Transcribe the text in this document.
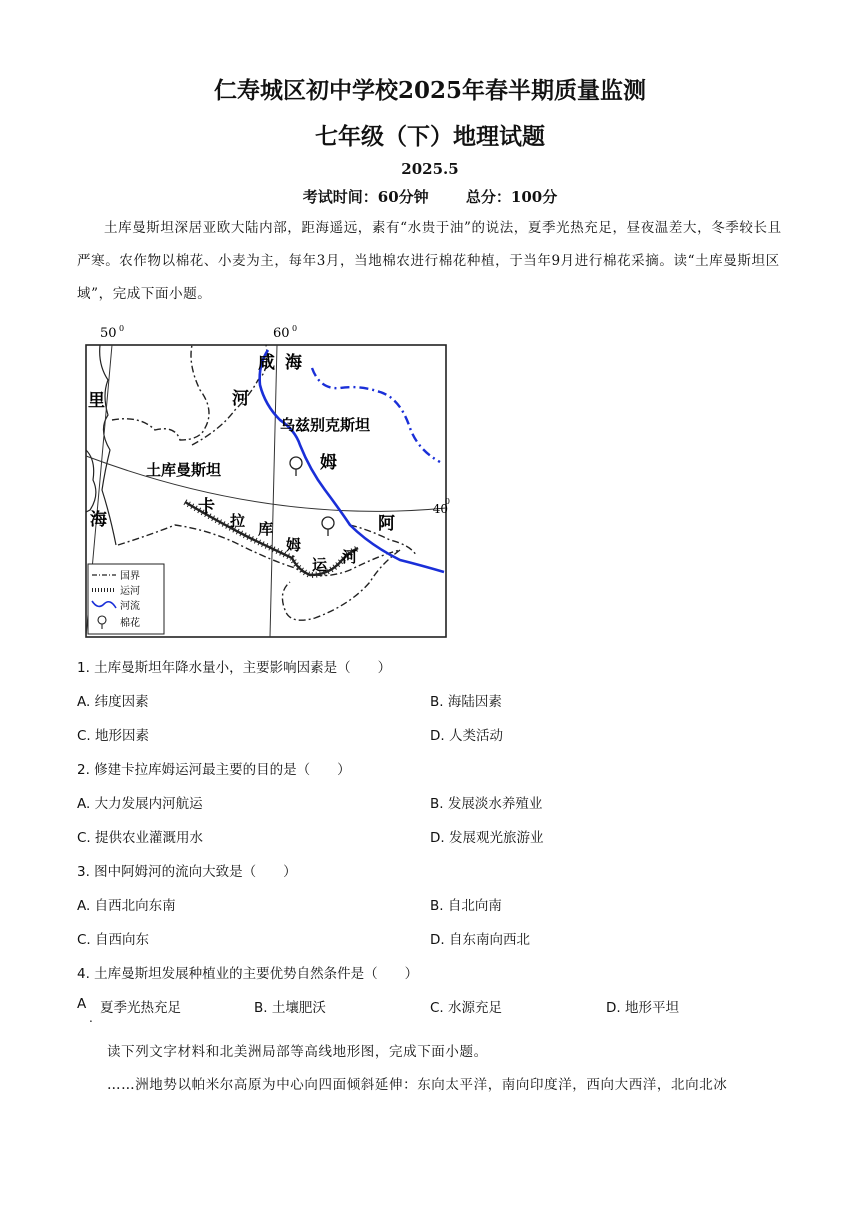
仁寿城区初中学校2025年春半期质量监测
七年级（下）地理试题
2025.5
考试时间：60分钟 总分：100分
土库曼斯坦深居亚欧大陆内部，距海遥远，素有“水贵于油”的说法，夏季光热充足，昼夜温差大，冬季较长且严寒。农作物以棉花、小麦为主，每年3月，当地棉农进行棉花种植，于当年9月进行棉花采摘。读“土库曼斯坦区域”，完成下面小题。
50 0	60 0
咸 海
河
里
海
乌兹别克斯坦
土库曼斯坦	姆
卡
拉 库
姆
运 河
阿
40
0
国界
运河
河流
棉花
1. 土库曼斯坦年降水量小，主要影响因素是（　　）
A. 纬度因素	B. 海陆因素
C. 地形因素	D. 人类活动
2. 修建卡拉库姆运河最主要的目的是（　　）
A. 大力发展内河航运	B. 发展淡水养殖业
C. 提供农业灌溉用水	D. 发展观光旅游业
3. 图中阿姆河的流向大致是（　　）
A. 自西北向东南	B. 自北向南
C. 自西向东	D. 自东南向西北
4. 土库曼斯坦发展种植业的主要优势自然条件是（　　）
A
.
夏季光热充足	B. 土壤肥沃	C. 水源充足	D. 地形平坦
读下列文字材料和北美洲局部等高线地形图，完成下面小题。
……洲地势以帕米尔高原为中心向四面倾斜延伸：东向太平洋，南向印度洋，西向大西洋，北向北冰
